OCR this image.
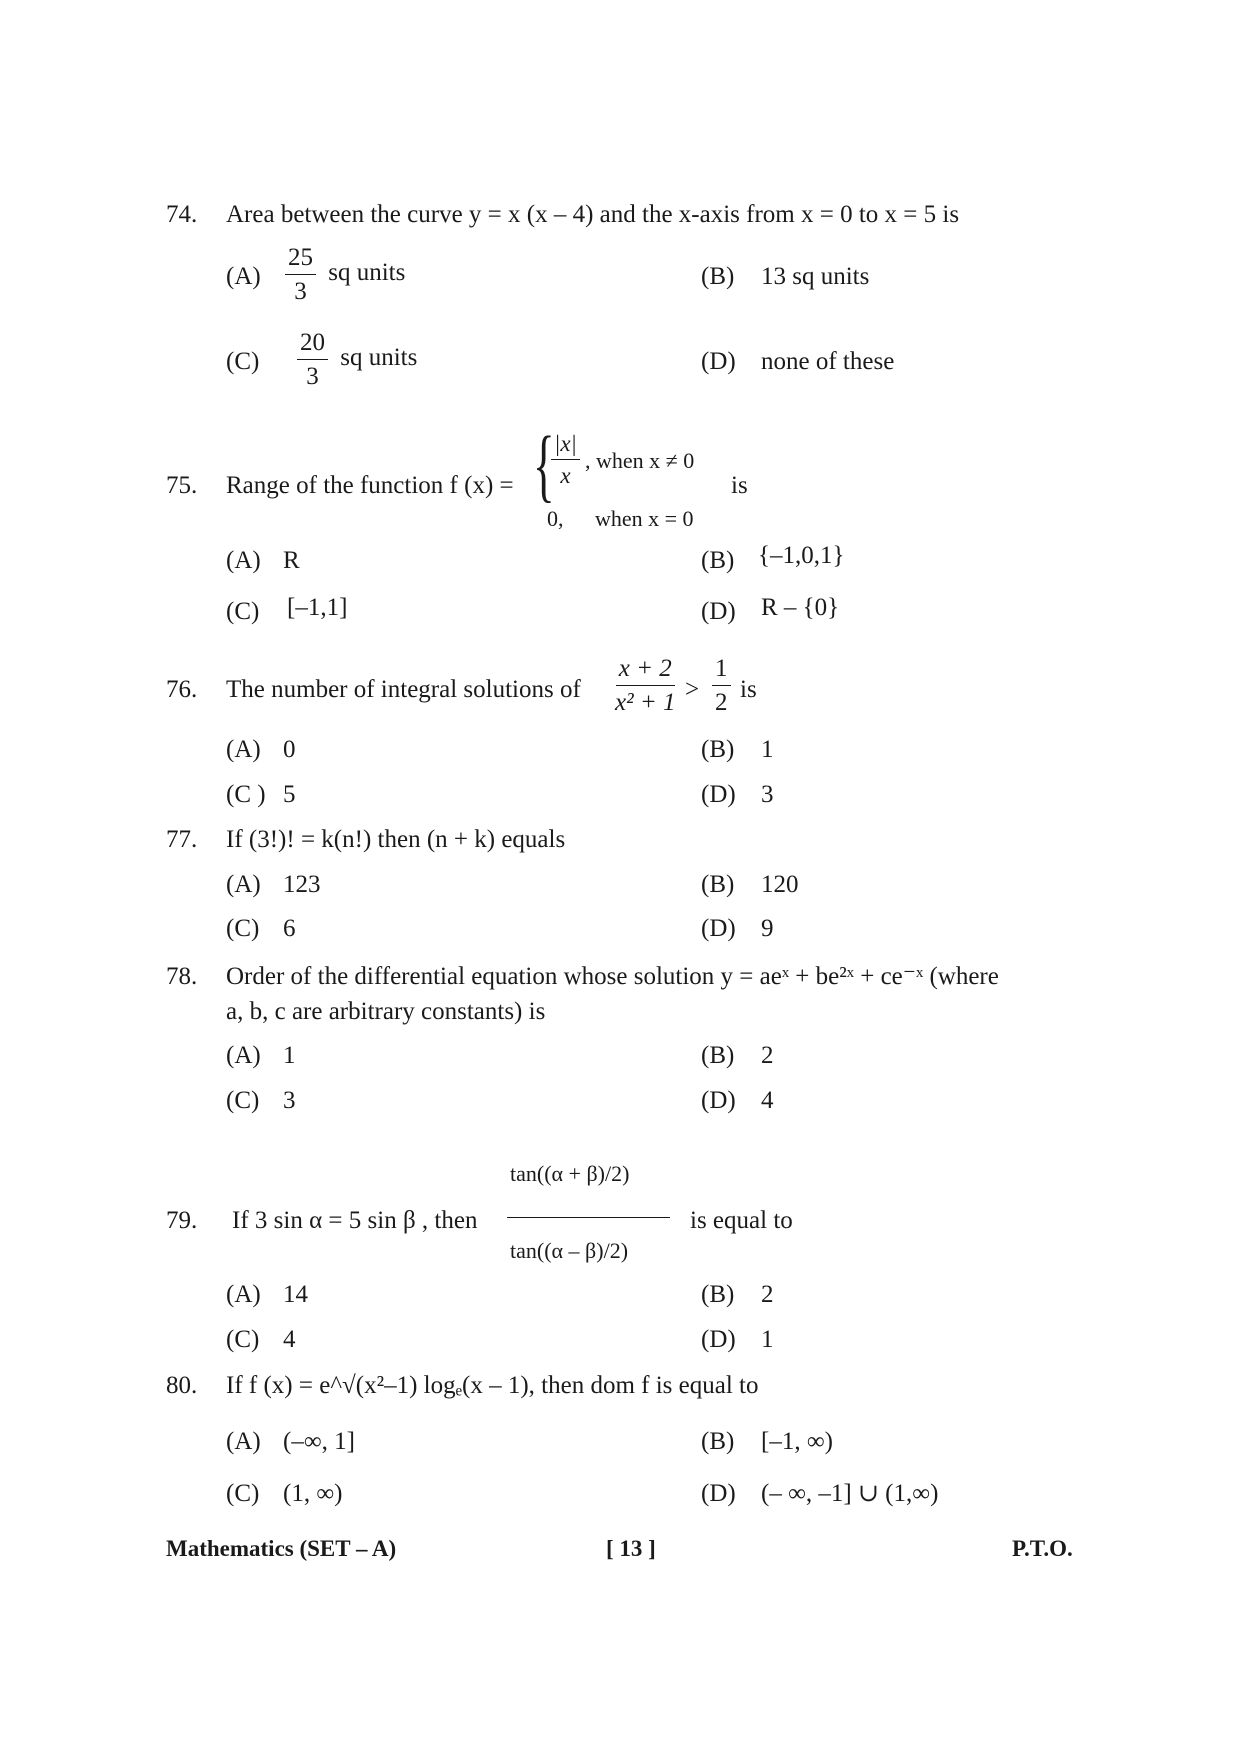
74. Area between the curve y = x (x – 4) and the x-axis from x = 0 to x = 5 is
$(A) \frac{25}{3}$ sq units	(B) 13 sq units
$(C) \frac{20}{3}$ sq units	(D) none of these
75. Range of the function f (x) = {
$\frac{|x|}{x}$ , when x ≠ 0
0, when x = 0
is
(A) R	(B) {–1,0,1}
(C) [–1,1]	(D) R – {0}
76. The number of integral solutions of $\frac{x + 2}{\text{x² + 1}} > \frac{1}{2}$ is
(A) 0	(B) 1
(C ) 5	(D) 3
77. If (3!)! = k(n!) then (n + k) equals
(A) 123	(B) 120
(C) 6	(D) 9
78. Order of the differential equation whose solution y = aeˣ + be²ˣ + ce⁻ˣ (where
a, b, c are arbitrary constants) is
(A) 1	(B) 2
(C) 3	(D) 4
79. If 3 sin α = 5 sin β , then
tan((α + β)/2)
tan((α – β)/2)
is equal to
(A) 14	(B) 2
(C) 4	(D) 1
80. If f (x) = e^√(x²–1) logₑ(x – 1), then dom f is equal to
(A) (–∞, 1]	(B) [–1, ∞)
(C) (1, ∞)	(D) (– ∞, –1] ∪ (1,∞)
Mathematics (SET – A)	[ 13 ]	P.T.O.
